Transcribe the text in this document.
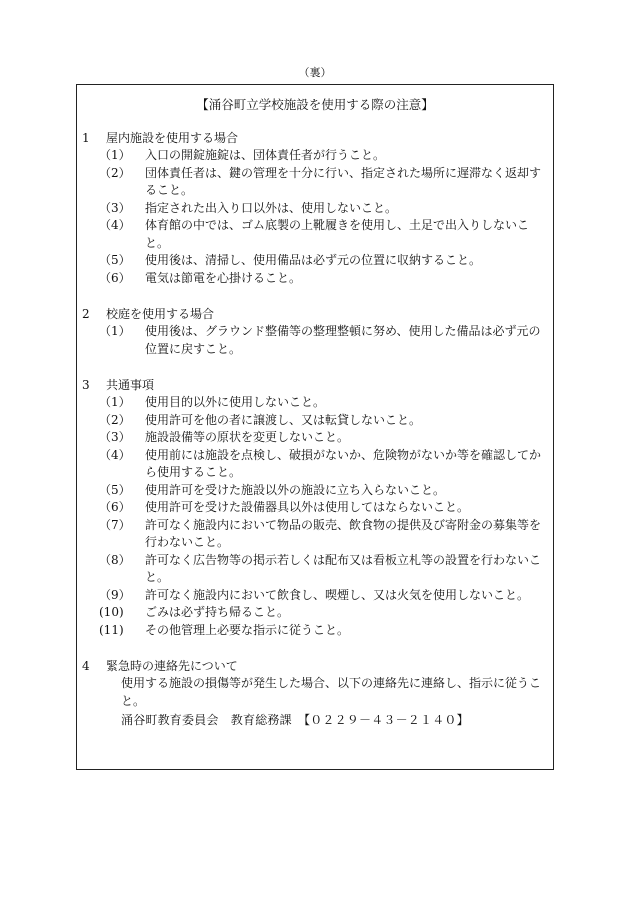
（裏）
【涌谷町立学校施設を使用する際の注意】
1	屋内施設を使用する場合
（1）	入口の開錠施錠は、団体責任者が行うこと。
（2）	団体責任者は、鍵の管理を十分に行い、指定された場所に遅滞なく返却すること。
（3）	指定された出入り口以外は、使用しないこと。
（4）	体育館の中では、ゴム底製の上靴履きを使用し、土足で出入りしないこと。
（5）	使用後は、清掃し、使用備品は必ず元の位置に収納すること。
（6）	電気は節電を心掛けること。
2	校庭を使用する場合
（1）	使用後は、グラウンド整備等の整理整頓に努め、使用した備品は必ず元の位置に戻すこと。
3	共通事項
（1）	使用目的以外に使用しないこと。
（2）	使用許可を他の者に譲渡し、又は転貸しないこと。
（3）	施設設備等の原状を変更しないこと。
（4）	使用前には施設を点検し、破損がないか、危険物がないか等を確認してから使用すること。
（5）	使用許可を受けた施設以外の施設に立ち入らないこと。
（6）	使用許可を受けた設備器具以外は使用してはならないこと。
（7）	許可なく施設内において物品の販売、飲食物の提供及び寄附金の募集等を行わないこと。
（8）	許可なく広告物等の掲示若しくは配布又は看板立札等の設置を行わないこと。
（9）	許可なく施設内において飲食し、喫煙し、又は火気を使用しないこと。
(10)	ごみは必ず持ち帰ること。
(11)	その他管理上必要な指示に従うこと。
4	緊急時の連絡先について
使用する施設の損傷等が発生した場合、以下の連絡先に連絡し、指示に従うこと。
涌谷町教育委員会　教育総務課　【０２２９－４３－２１４０】
